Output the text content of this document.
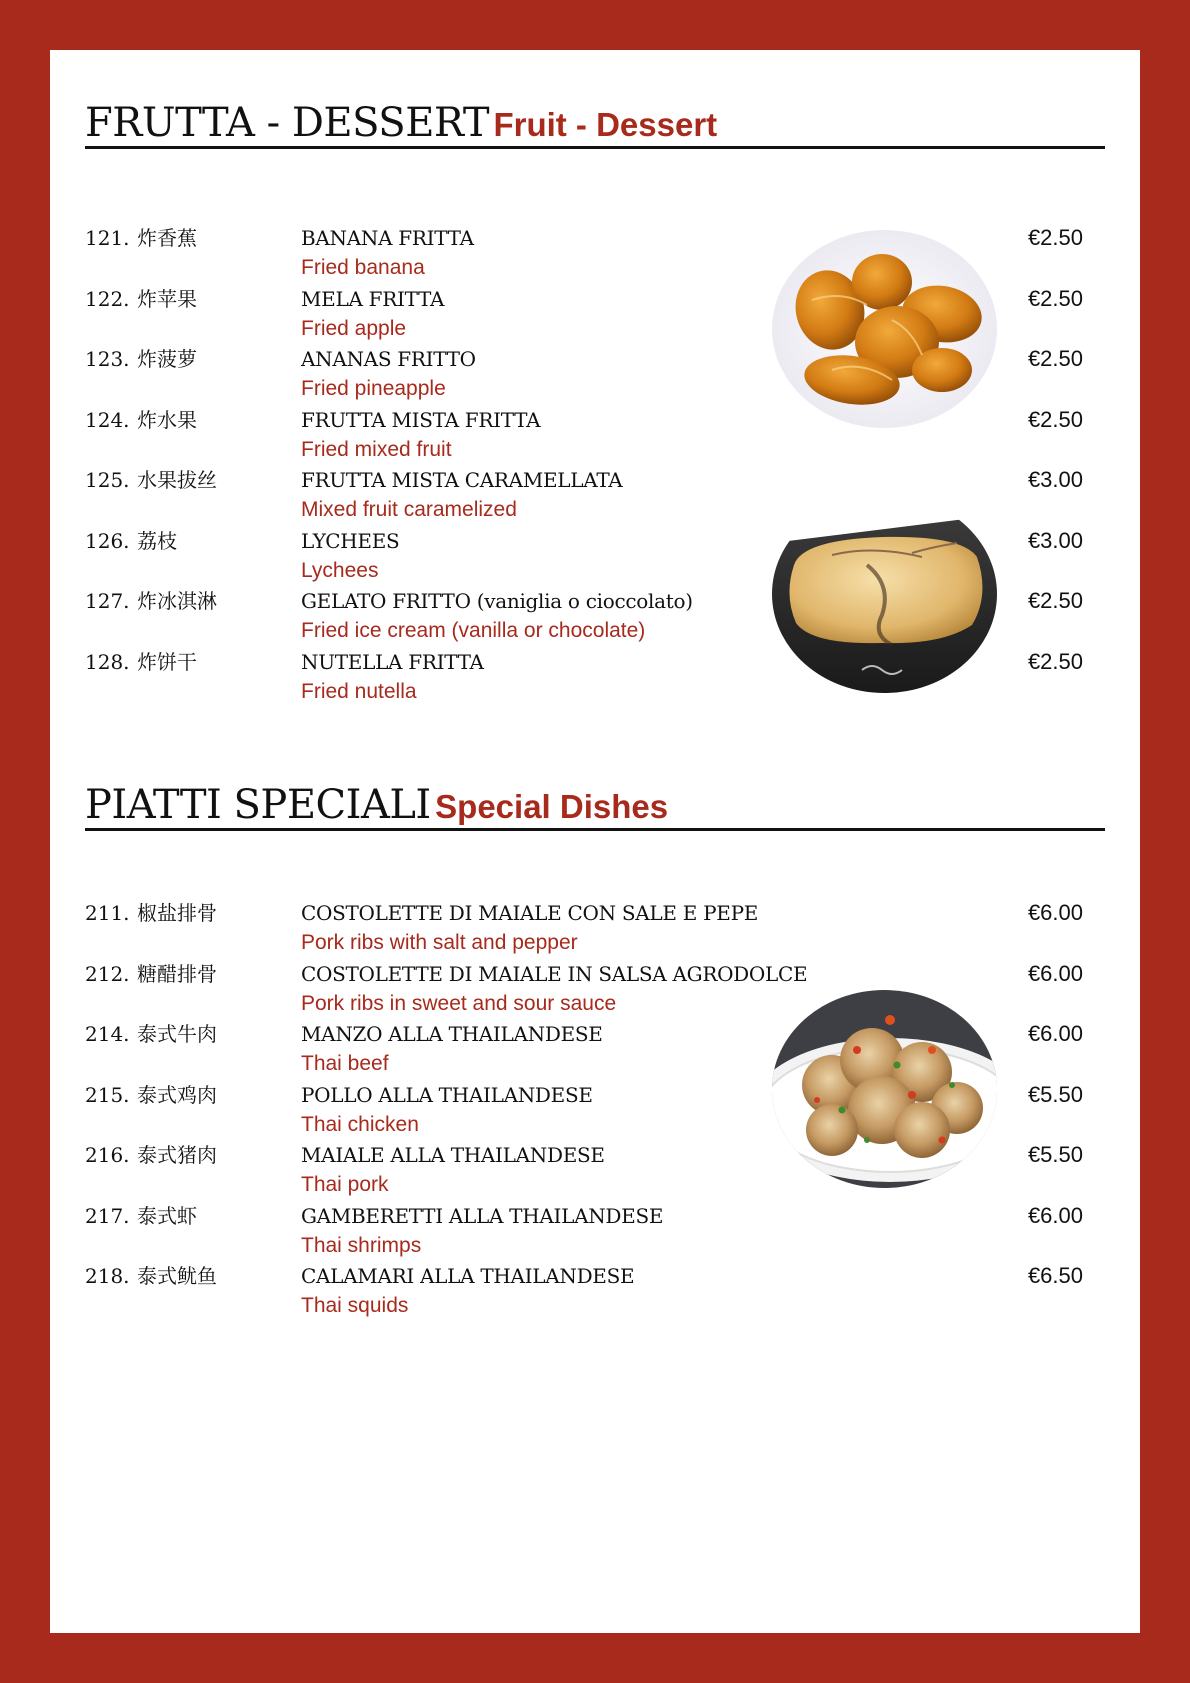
FRUTTA - DESSERT Fruit - Dessert
121. 炸香蕉	BANANA FRITTA
Fried banana
€2.50
122. 炸苹果	MELA FRITTA
Fried apple
€2.50
123. 炸菠萝	ANANAS FRITTO
Fried pineapple
€2.50
124. 炸水果	FRUTTA MISTA FRITTA
Fried mixed fruit
€2.50
125. 水果拔丝	FRUTTA MISTA CARAMELLATA
Mixed fruit caramelized
€3.00
126. 荔枝	LYCHEES
Lychees
€3.00
127. 炸冰淇淋	GELATO FRITTO (vaniglia o cioccolato)
Fried ice cream (vanilla or chocolate)
€2.50
128. 炸饼干	NUTELLA FRITTA
Fried nutella
€2.50
PIATTI SPECIALI Special Dishes
211. 椒盐排骨	COSTOLETTE DI MAIALE CON SALE E PEPE
Pork ribs with salt and pepper
€6.00
212. 糖醋排骨	COSTOLETTE DI MAIALE IN SALSA AGRODOLCE
Pork ribs in sweet and sour sauce
€6.00
214. 泰式牛肉	MANZO ALLA THAILANDESE
Thai beef
€6.00
215. 泰式鸡肉	POLLO ALLA THAILANDESE
Thai chicken
€5.50
216. 泰式猪肉	MAIALE ALLA THAILANDESE
Thai pork
€5.50
217. 泰式虾	GAMBERETTI ALLA THAILANDESE
Thai shrimps
€6.00
218. 泰式鱿鱼	CALAMARI ALLA THAILANDESE
Thai squids
€6.50
